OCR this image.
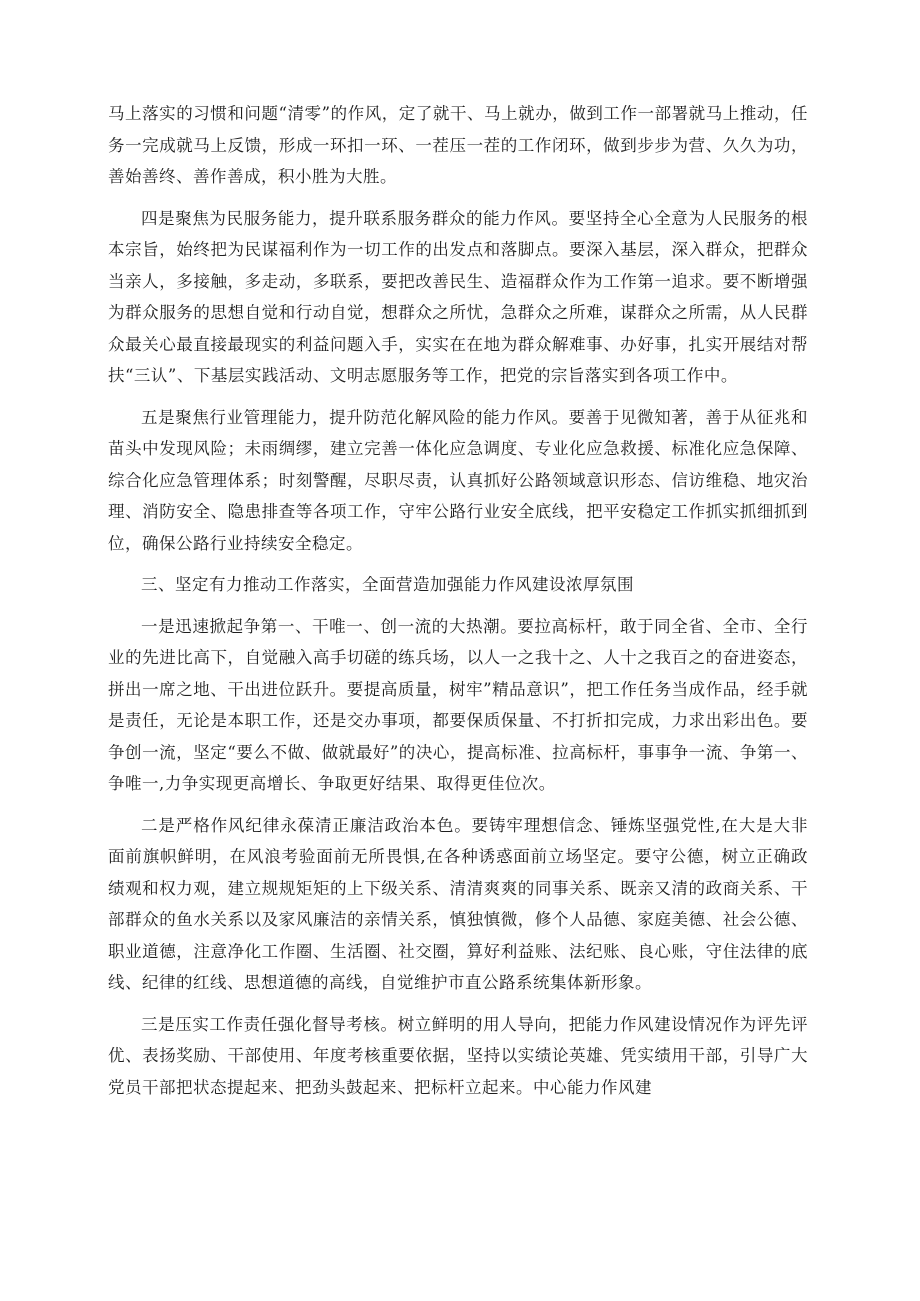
马上落实的习惯和问题“清零”的作风，定了就干、马上就办，做到工作一部署就马上推动，任务一完成就马上反馈，形成一环扣一环、一茬压一茬的工作闭环，做到步步为营、久久为功，善始善终、善作善成，积小胜为大胜。

四是聚焦为民服务能力，提升联系服务群众的能力作风。要坚持全心全意为人民服务的根本宗旨，始终把为民谋福利作为一切工作的出发点和落脚点。要深入基层，深入群众，把群众当亲人，多接触，多走动，多联系，要把改善民生、造福群众作为工作第一追求。要不断增强为群众服务的思想自觉和行动自觉，想群众之所忧，急群众之所难，谋群众之所需，从人民群众最关心最直接最现实的利益问题入手，实实在在地为群众解难事、办好事，扎实开展结对帮扶“三认”、下基层实践活动、文明志愿服务等工作，把党的宗旨落实到各项工作中。

五是聚焦行业管理能力，提升防范化解风险的能力作风。要善于见微知著，善于从征兆和苗头中发现风险；未雨绸缪，建立完善一体化应急调度、专业化应急救援、标准化应急保障、综合化应急管理体系；时刻警醒，尽职尽责，认真抓好公路领域意识形态、信访维稳、地灾治理、消防安全、隐患排查等各项工作，守牢公路行业安全底线，把平安稳定工作抓实抓细抓到位，确保公路行业持续安全稳定。

三、坚定有力推动工作落实，全面营造加强能力作风建设浓厚氛围

一是迅速掀起争第一、干唯一、创一流的大热潮。要拉高标杆，敢于同全省、全市、全行业的先进比高下，自觉融入高手切磋的练兵场，以人一之我十之、人十之我百之的奋进姿态，拼出一席之地、干出进位跃升。要提高质量，树牢”精品意识”，把工作任务当成作品，经手就是责任，无论是本职工作，还是交办事项，都要保质保量、不打折扣完成，力求出彩出色。要争创一流，坚定“要么不做、做就最好”的决心，提高标准、拉高标杆，事事争一流、争第一、争唯一,力争实现更高增长、争取更好结果、取得更佳位次。

二是严格作风纪律永葆清正廉洁政治本色。要铸牢理想信念、锤炼坚强党性,在大是大非面前旗帜鲜明，在风浪考验面前无所畏惧,在各种诱惑面前立场坚定。要守公德，树立正确政绩观和权力观，建立规规矩矩的上下级关系、清清爽爽的同事关系、既亲又清的政商关系、干部群众的鱼水关系以及家风廉洁的亲情关系，慎独慎微，修个人品德、家庭美德、社会公德、职业道德，注意净化工作圈、生活圈、社交圈，算好利益账、法纪账、良心账，守住法律的底线、纪律的红线、思想道德的高线，自觉维护市直公路系统集体新形象。

三是压实工作责任强化督导考核。树立鲜明的用人导向，把能力作风建设情况作为评先评优、表扬奖励、干部使用、年度考核重要依据，坚持以实绩论英雄、凭实绩用干部，引导广大党员干部把状态提起来、把劲头鼓起来、把标杆立起来。中心能力作风建
